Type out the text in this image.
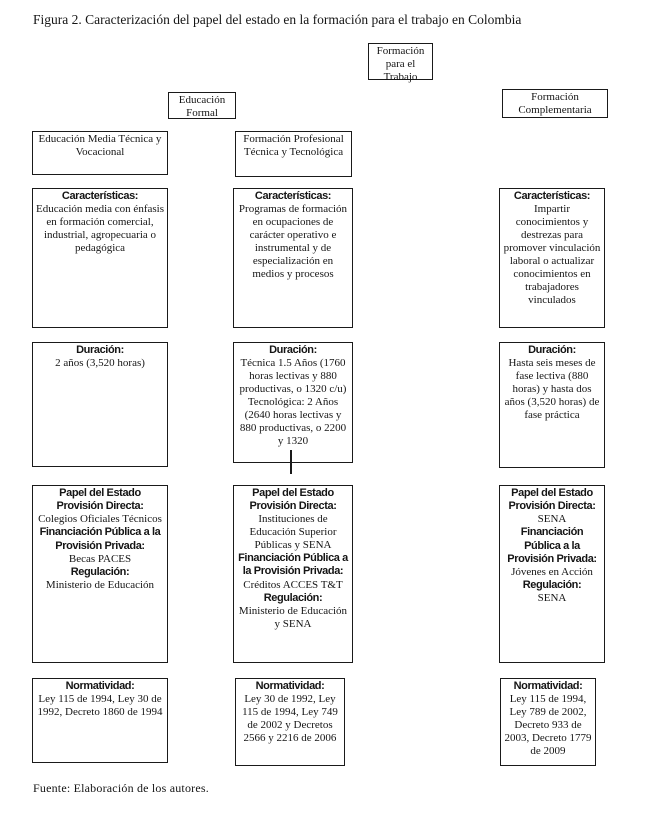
Figura 2. Caracterización del papel del estado en la formación para el trabajo en Colombia
Formación para el Trabajo
Educación Formal
Formación Complementaria
Educación Media Técnica y Vocacional
Formación Profesional Técnica y Tecnológica
Características:
Educación media con énfasis en formación comercial, industrial, agropecuaria o pedagógica
Duración:
2 años (3,520 horas)
Papel del Estado
Provisión Directa:
Colegios Oficiales Técnicos
Financiación Pública a la Provisión Privada:
Becas PACES
Regulación:
Ministerio de Educación
Normatividad:
Ley 115 de 1994, Ley 30 de 1992, Decreto 1860 de 1994
Características:
Programas de formación en ocupaciones de carácter operativo e instrumental y de especialización en medios y procesos
Duración:
Técnica 1.5 Años (1760 horas lectivas y 880 productivas, o 1320 c/u) Tecnológica: 2 Años (2640 horas lectivas y 880 productivas, o 2200 y 1320
Papel del Estado
Provisión Directa:
Instituciones de Educación Superior Públicas y SENA
Financiación Pública a la Provisión Privada:
Créditos ACCES T&T
Regulación:
Ministerio de Educación y SENA
Normatividad:
Ley 30 de 1992, Ley 115 de 1994, Ley 749 de 2002 y Decretos 2566 y 2216 de 2006
Características:
Impartir conocimientos y destrezas para promover vinculación laboral o actualizar conocimientos en trabajadores vinculados
Duración:
Hasta seis meses de fase lectiva (880 horas) y hasta dos años (3,520 horas) de fase práctica
Papel del Estado
Provisión Directa:
SENA
Financiación Pública a la Provisión Privada:
Jóvenes en Acción
Regulación:
SENA
Normatividad:
Ley 115 de 1994, Ley 789 de 2002, Decreto 933 de 2003, Decreto 1779 de 2009
Fuente: Elaboración de los autores.
